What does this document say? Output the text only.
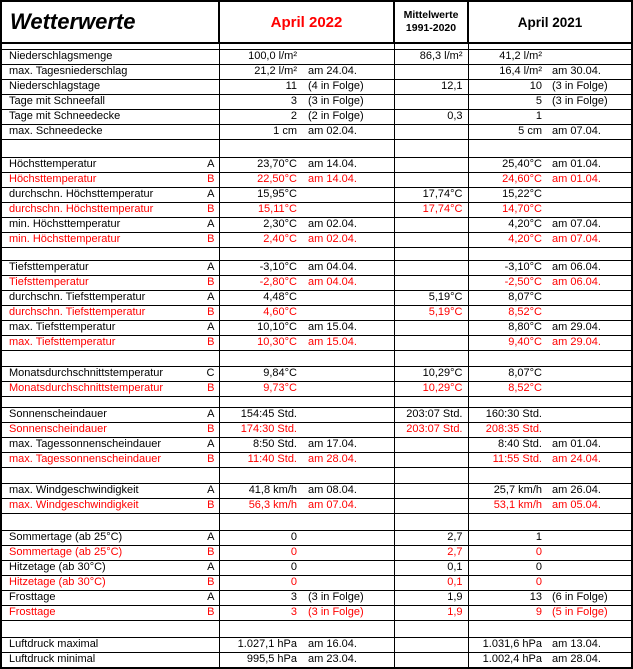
Wetterwerte		April 2022		Mittelwerte
1991-2020	April 2021	

Niederschlagsmenge		100,0 l/m²		86,3 l/m²	41,2 l/m²	
max. Tagesniederschlag		21,2 l/m²	am 24.04.		16,4 l/m²	am 30.04.
Niederschlagstage		11	(4 in Folge)	12,1	10	(3 in Folge)
Tage mit Schneefall		3	(3 in Folge)		5	(3 in Folge)
Tage mit Schneedecke		2	(2 in Folge)	0,3	1	
max. Schneedecke		1 cm	am 02.04.		5 cm	am 07.04.

Höchsttemperatur	A	23,70°C	am 14.04.		25,40°C	am 01.04.
Höchsttemperatur	B	22,50°C	am 14.04.		24,60°C	am 01.04.
durchschn. Höchsttemperatur	A	15,95°C		17,74°C	15,22°C	
durchschn. Höchsttemperatur	B	15,11°C		17,74°C	14,70°C	
min. Höchsttemperatur	A	2,30°C	am 02.04.		4,20°C	am 07.04.
min. Höchsttemperatur	B	2,40°C	am 02.04.		4,20°C	am 07.04.

Tiefsttemperatur	A	-3,10°C	am 04.04.		-3,10°C	am 06.04.
Tiefsttemperatur	B	-2,80°C	am 04.04.		-2,50°C	am 06.04.
durchschn. Tiefsttemperatur	A	4,48°C		5,19°C	8,07°C	
durchschn. Tiefsttemperatur	B	4,60°C		5,19°C	8,52°C	
max. Tiefsttemperatur	A	10,10°C	am 15.04.		8,80°C	am 29.04.
max. Tiefsttemperatur	B	10,30°C	am 15.04.		9,40°C	am 29.04.

Monatsdurchschnittstemperatur	C	9,84°C		10,29°C	8,07°C	
Monatsdurchschnittstemperatur	B	9,73°C		10,29°C	8,52°C	

Sonnenscheindauer	A	154:45 Std.		203:07 Std.	160:30 Std.	
Sonnenscheindauer	B	174:30 Std.		203:07 Std.	208:35 Std.	
max. Tagessonnenscheindauer	A	8:50 Std.	am 17.04.		8:40 Std.	am 01.04.
max. Tagessonnenscheindauer	B	11:40 Std.	am 28.04.		11:55 Std.	am 24.04.

max. Windgeschwindigkeit	A	41,8 km/h	am 08.04.		25,7 km/h	am 26.04.
max. Windgeschwindigkeit	B	56,3 km/h	am 07.04.		53,1 km/h	am 05.04.

Sommertage (ab 25°C)	A	0		2,7	1	
Sommertage (ab 25°C)	B	0		2,7	0	
Hitzetage (ab 30°C)	A	0		0,1	0	
Hitzetage (ab 30°C)	B	0		0,1	0	
Frosttage	A	3	(3 in Folge)	1,9	13	(6 in Folge)
Frosttage	B	3	(3 in Folge)	1,9	9	(5 in Folge)

Luftdruck maximal		1.027,1 hPa	am 16.04.		1.031,6 hPa	am 13.04.
Luftdruck minimal		995,5 hPa	am 23.04.		1.002,4 hPa	am 28.04.
